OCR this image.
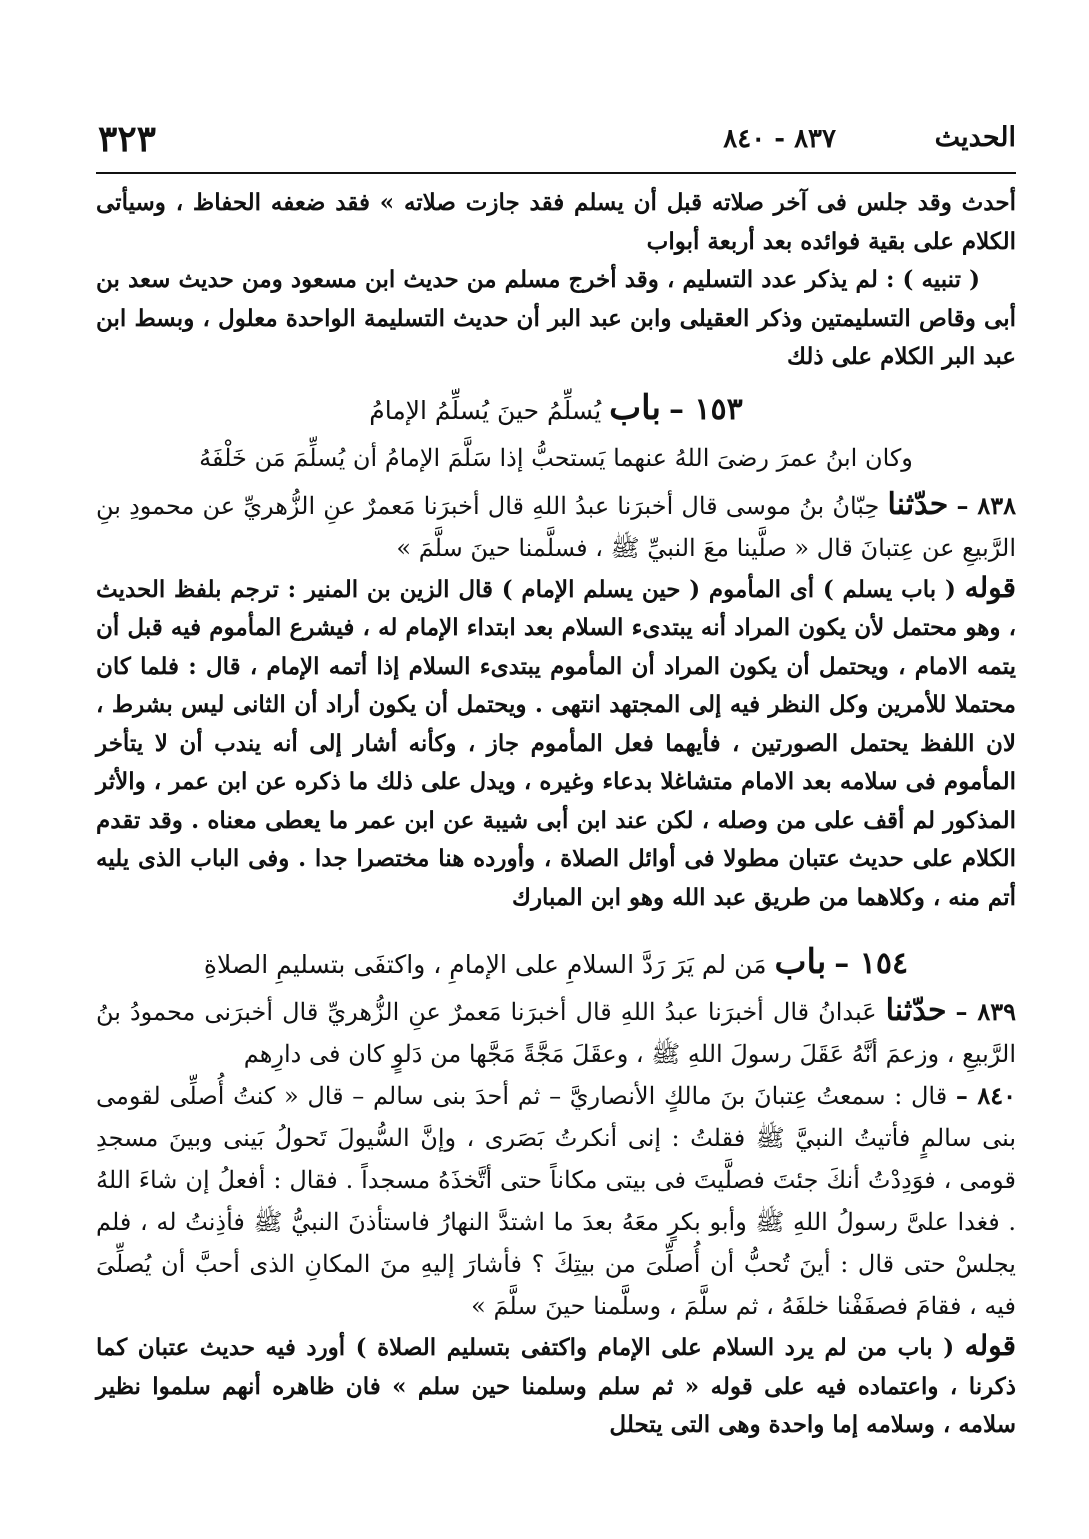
الحديث
٨٣٧ - ٨٤٠
٣٢٣

أحدث وقد جلس فى آخر صلاته قبل أن يسلم فقد جازت صلاته » فقد ضعفه الحفاظ ، وسيأتى الكلام على بقية فوائده بعد أربعة أبواب

( تنبيه ) : لم يذكر عدد التسليم ، وقد أخرج مسلم من حديث ابن مسعود ومن حديث سعد بن أبى وقاص التسليمتين وذكر العقيلى وابن عبد البر أن حديث التسليمة الواحدة معلول ، وبسط ابن عبد البر الكلام على ذلك

١٥٣ – باب يُسلِّمُ حينَ يُسلِّمُ الإمامُ
وكان ابنُ عمرَ رضىَ اللهُ عنهما يَستحبُّ إذا سَلَّمَ الإمامُ أن يُسلِّمَ مَن خَلْفَهُ

٨٣٨ – حدّثنا حِبّانُ بنُ موسى قال أخبرَنا عبدُ اللهِ قال أخبرَنا مَعمرٌ عنِ الزُّهريِّ عن محمودِ بنِ الرَّبيعِ عن عِتبانَ قال « صلَّينا معَ النبيِّ ﷺ ، فسلَّمنا حينَ سلَّمَ »

قوله ( باب يسلم ) أى المأموم ( حين يسلم الإمام ) قال الزين بن المنير : ترجم بلفظ الحديث ، وهو محتمل لأن يكون المراد أنه يبتدىء السلام بعد ابتداء الإمام له ، فيشرع المأموم فيه قبل أن يتمه الامام ، ويحتمل أن يكون المراد أن المأموم يبتدىء السلام إذا أتمه الإمام ، قال : فلما كان محتملا للأمرين وكل النظر فيه إلى المجتهد انتهى . ويحتمل أن يكون أراد أن الثانى ليس بشرط ، لان اللفظ يحتمل الصورتين ، فأيهما فعل المأموم جاز ، وكأنه أشار إلى أنه يندب أن لا يتأخر المأموم فى سلامه بعد الامام متشاغلا بدعاء وغيره ، ويدل على ذلك ما ذكره عن ابن عمر ، والأثر المذكور لم أقف على من وصله ، لكن عند ابن أبى شيبة عن ابن عمر ما يعطى معناه . وقد تقدم الكلام على حديث عتبان مطولا فى أوائل الصلاة ، وأورده هنا مختصرا جدا . وفى الباب الذى يليه أتم منه ، وكلاهما من طريق عبد الله وهو ابن المبارك

١٥٤ – باب مَن لم يَرَ رَدَّ السلامِ على الإمامِ ، واكتفَى بتسليمِ الصلاةِ

٨٣٩ – حدّثنا عَبدانُ قال أخبرَنا عبدُ اللهِ قال أخبرَنا مَعمرٌ عنِ الزُّهريِّ قال أخبرَنى محمودُ بنُ الرَّبيعِ ، وزعمَ أنَّهُ عَقَلَ رسولَ اللهِ ﷺ ، وعقَلَ مَجَّةً مَجَّها من دَلوٍ كان فى دارِهم

٨٤٠ – قال : سمعتُ عِتبانَ بنَ مالكٍ الأنصاريَّ – ثم أحدَ بنى سالم – قال « كنتُ أُصلِّى لقومى بنى سالمٍ فأتيتُ النبيَّ ﷺ فقلتُ : إنى أنكرتُ بَصَرى ، وإنَّ السُّيولَ تَحولُ بَينى وبينَ مسجدِ قومى ، فوَدِدْتُ أنكَ جئتَ فصلَّيتَ فى بيتى مكاناً حتى أتَّخذَهُ مسجداً . فقال : أفعلُ إن شاءَ اللهُ . فغدا علىَّ رسولُ اللهِ ﷺ وأبو بكرٍ معَهُ بعدَ ما اشتدَّ النهارُ فاستأذنَ النبيُّ ﷺ فأذِنتُ له ، فلم يجلسْ حتى قال : أينَ تُحبُّ أن أُصلِّىَ من بيتِكَ ؟ فأشارَ إليهِ منَ المكانِ الذى أحبَّ أن يُصلِّىَ فيه ، فقامَ فصفَفْنا خلفَهُ ، ثم سلَّمَ ، وسلَّمنا حينَ سلَّمَ »

قوله ( باب من لم يرد السلام على الإمام واكتفى بتسليم الصلاة ) أورد فيه حديث عتبان كما ذكرنا ، واعتماده فيه على قوله « ثم سلم وسلمنا حين سلم » فان ظاهره أنهم سلموا نظير سلامه ، وسلامه إما واحدة وهى التى يتحلل
